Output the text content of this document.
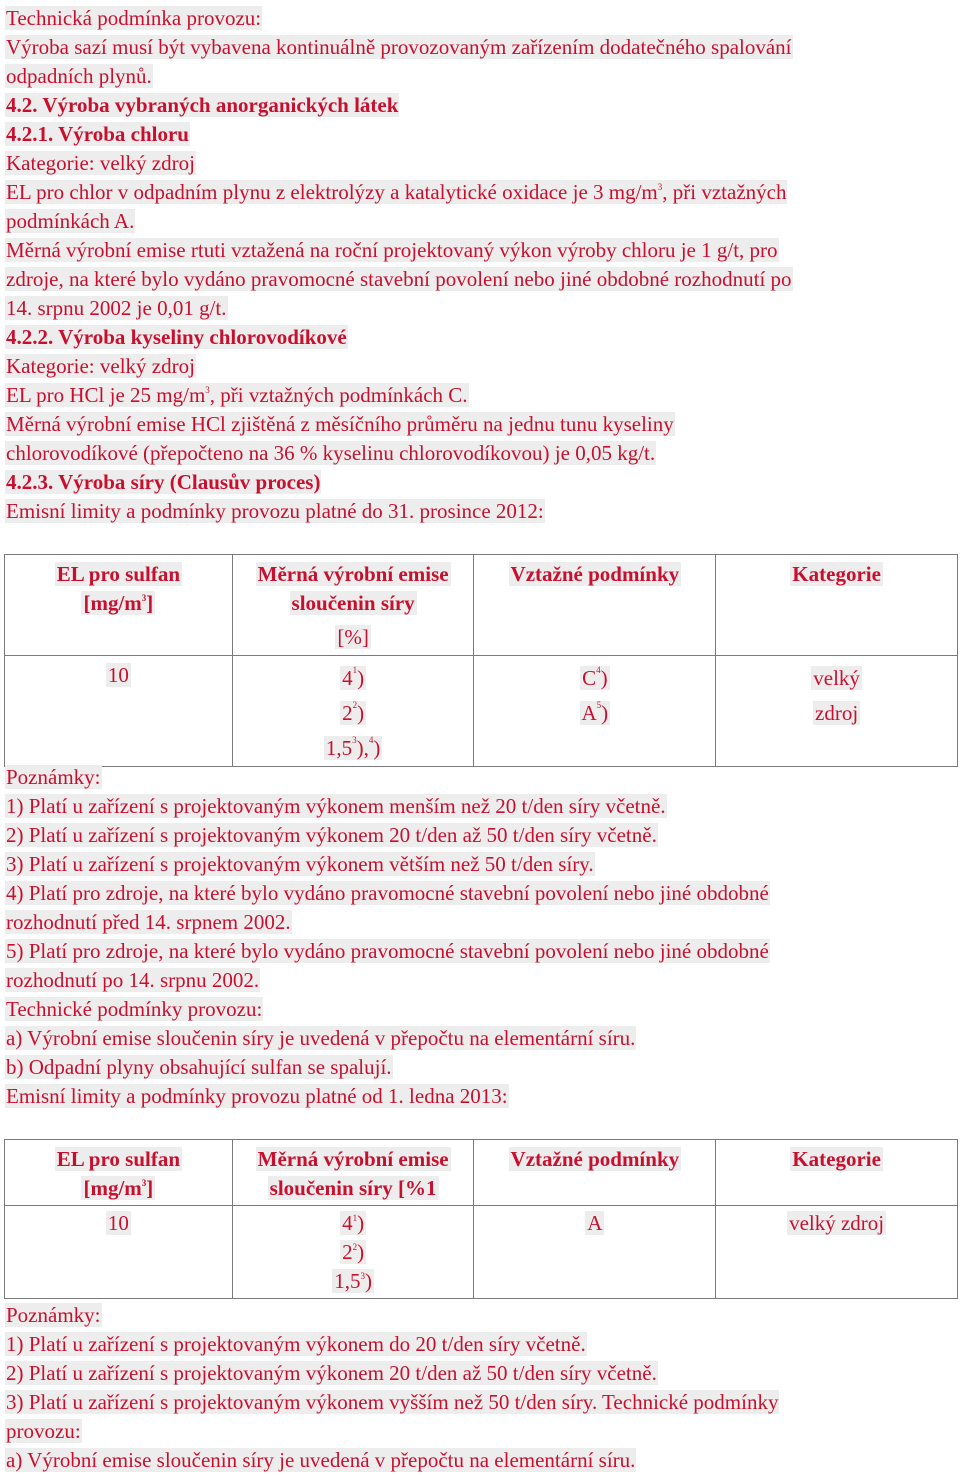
Technická podmínka provozu:

Výroba sazí musí být vybavena kontinuálně provozovaným zařízením dodatečného spalování

odpadních plynů.

4.2. Výroba vybraných anorganických látek

4.2.1. Výroba chloru

Kategorie: velký zdroj

EL pro chlor v odpadním plynu z elektrolýzy a katalytické oxidace je 3 $mg/m^3$, při vztažných

podmínkách A.

Měrná výrobní emise rtuti vztažená na roční projektovaný výkon výroby chloru je 1 g/t, pro

zdroje, na které bylo vydáno pravomocné stavební povolení nebo jiné obdobné rozhodnutí po

14. srpnu 2002 je 0,01 g/t.

4.2.2. Výroba kyseliny chlorovodíkové

Kategorie: velký zdroj

EL pro HCl je 25 $mg/m^3$, při vztažných podmínkách C.

Měrná výrobní emise HCl zjištěná z měsíčního průměru na jednu tunu kyseliny

chlorovodíkové (přepočteno na 36 % kyselinu chlorovodíkovou) je 0,05 kg/t.

4.2.3. Výroba síry (Clausův proces)

Emisní limity a podmínky provozu platné do 31. prosince 2012:

EL pro sulfan
$[mg/m^3]$	Měrná výrobní emise
sloučenin síry
[%]	Vztažné podmínky	Kategorie

10	$4^1$)
$2^2$)
$1,5^3),^4$)	$C^4$)
$A^5$)	velký
zdroj

Poznámky:

1) Platí u zařízení s projektovaným výkonem menším než 20 t/den síry včetně.

2) Platí u zařízení s projektovaným výkonem 20 t/den až 50 t/den síry včetně.

3) Platí u zařízení s projektovaným výkonem větším než 50 t/den síry.

4) Platí pro zdroje, na které bylo vydáno pravomocné stavební povolení nebo jiné obdobné

rozhodnutí před 14. srpnem 2002.

5) Platí pro zdroje, na které bylo vydáno pravomocné stavební povolení nebo jiné obdobné

rozhodnutí po 14. srpnu 2002.

Technické podmínky provozu:

a) Výrobní emise sloučenin síry je uvedená v přepočtu na elementární síru.

b) Odpadní plyny obsahující sulfan se spalují.

Emisní limity a podmínky provozu platné od 1. ledna 2013:

EL pro sulfan
$[mg/m^3]$	Měrná výrobní emise
sloučenin síry [%1	Vztažné podmínky	Kategorie

10	$4^1$)
$2^2$)
$1,5^3$)	A	velký zdroj

Poznámky:

1) Platí u zařízení s projektovaným výkonem do 20 t/den síry včetně.

2) Platí u zařízení s projektovaným výkonem 20 t/den až 50 t/den síry včetně.

3) Platí u zařízení s projektovaným výkonem vyšším než 50 t/den síry. Technické podmínky

provozu:

a) Výrobní emise sloučenin síry je uvedená v přepočtu na elementární síru.
